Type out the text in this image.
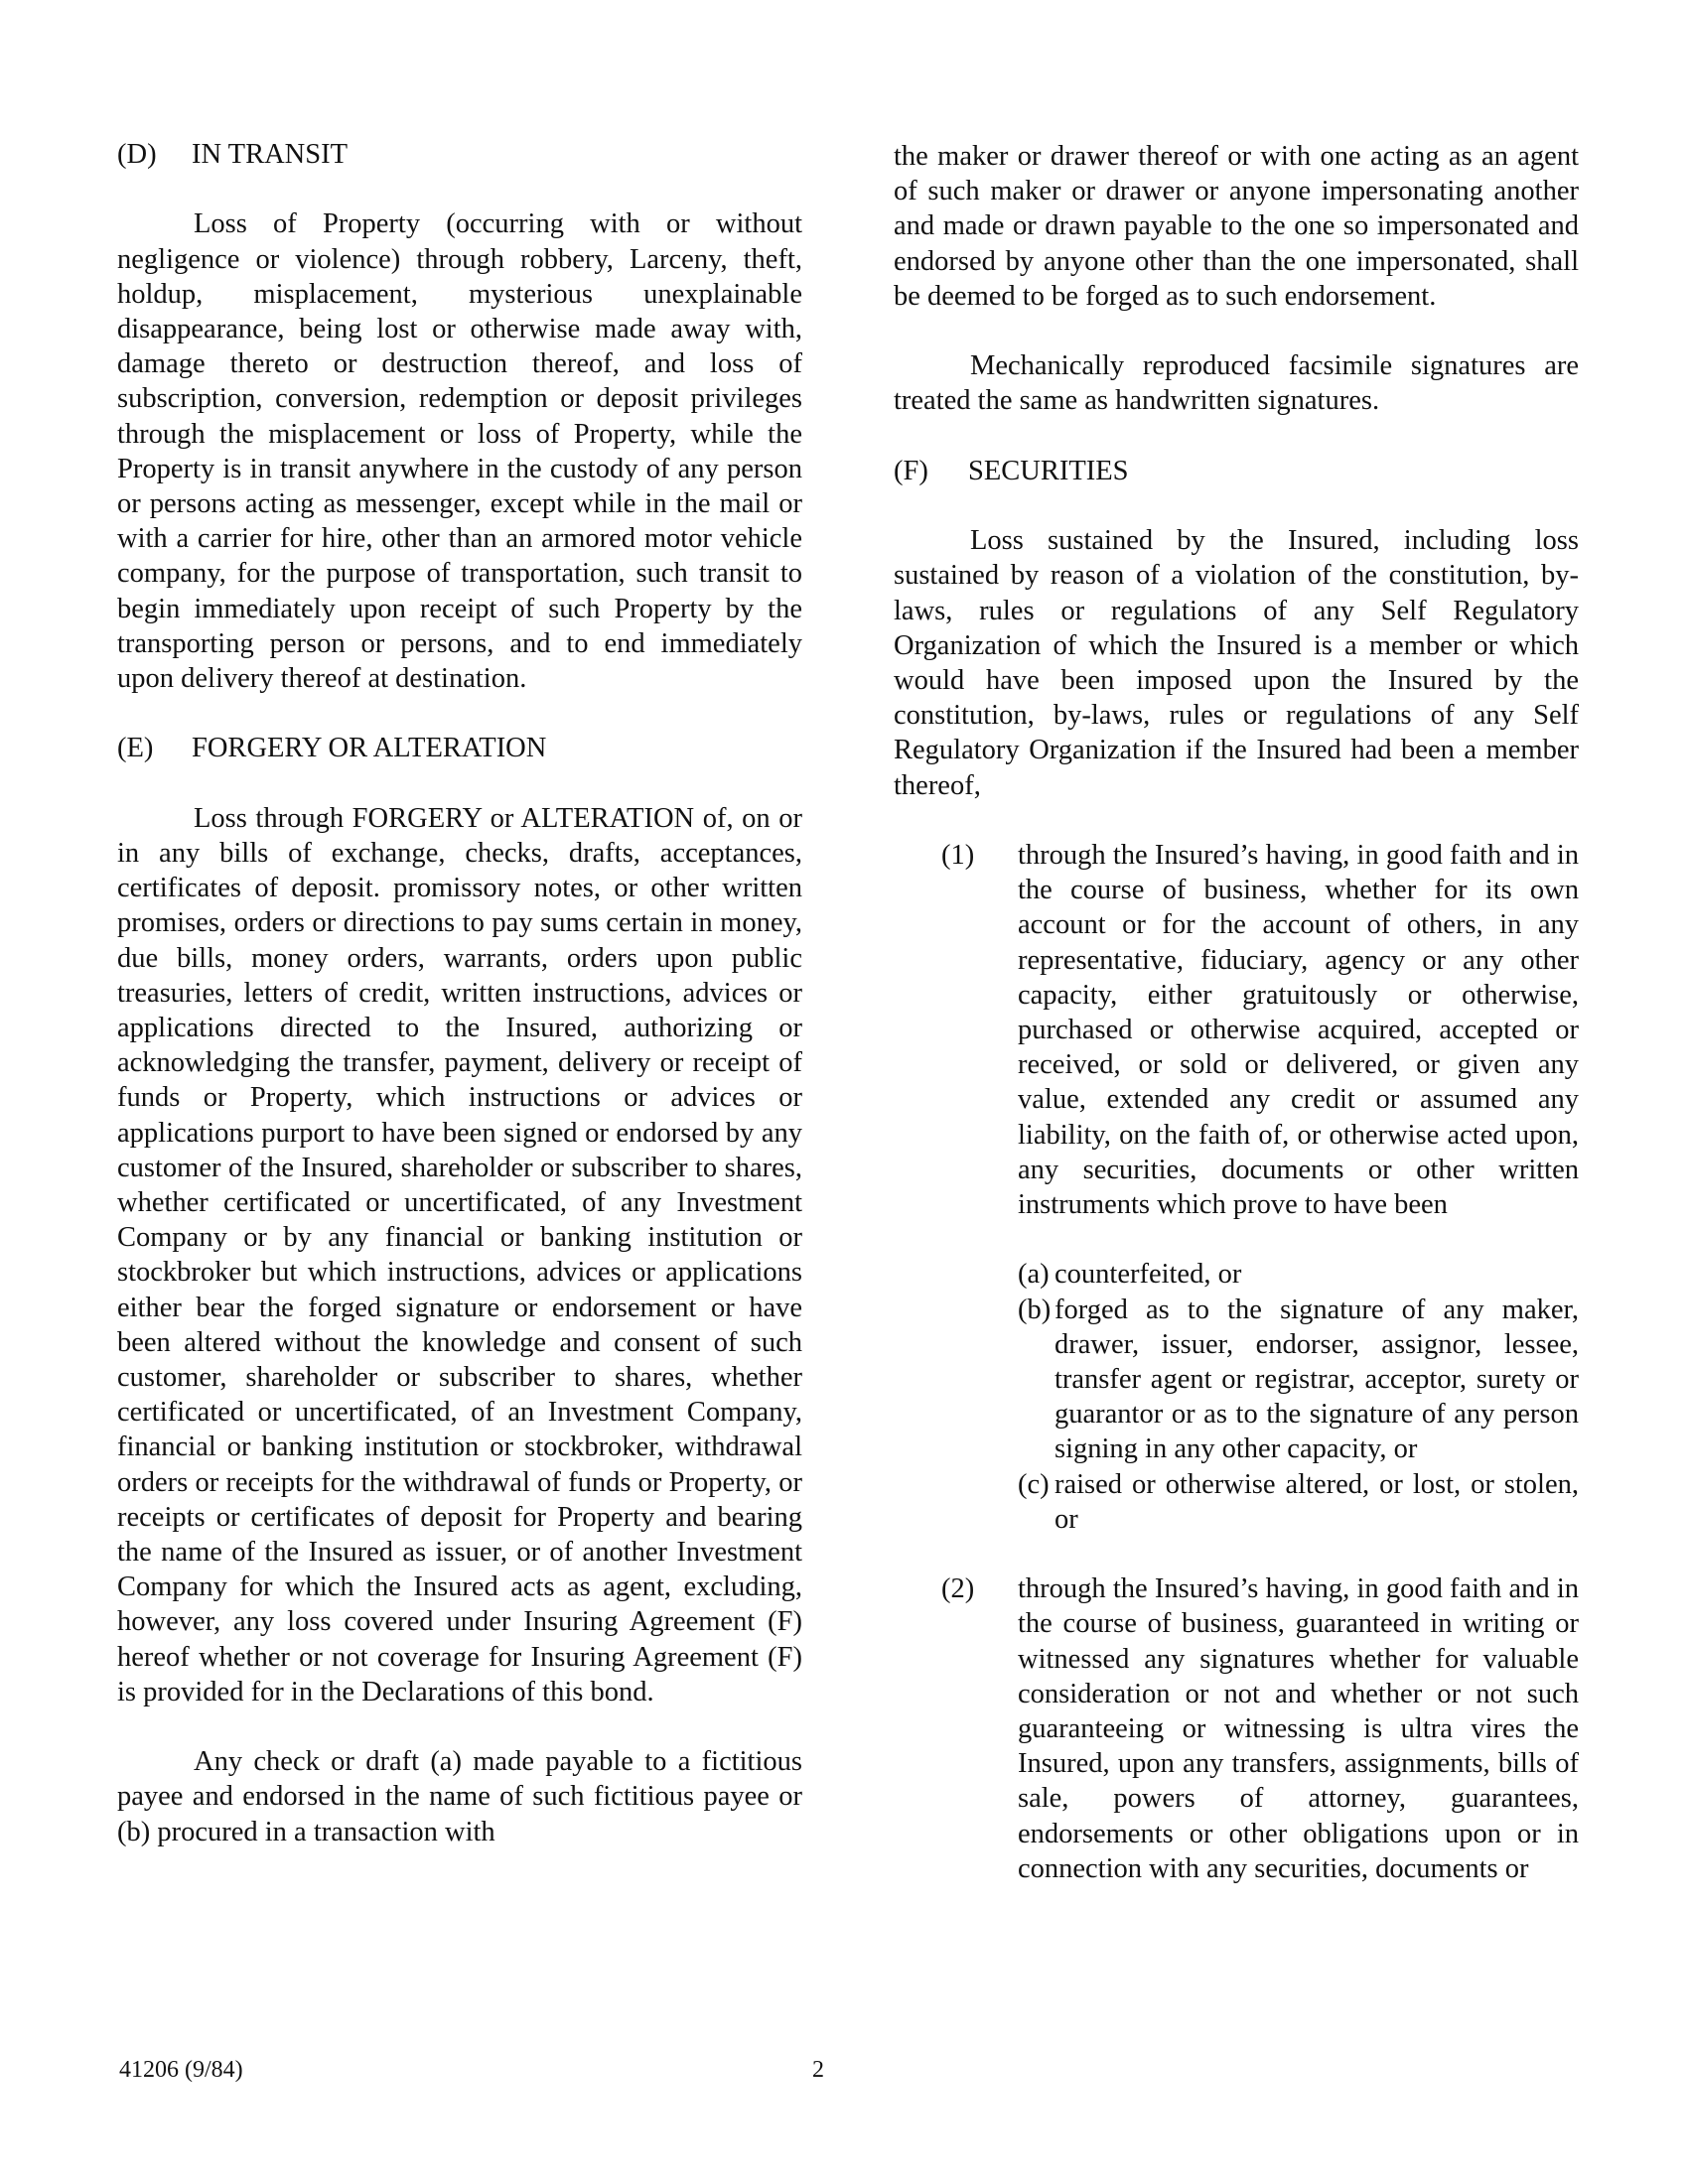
(D)	IN TRANSIT

Loss of Property (occurring with or without negligence or violence) through robbery, Larceny, theft, holdup, misplacement, mysterious unexplainable disappearance, being lost or otherwise made away with, damage thereto or destruction thereof, and loss of subscription, conversion, redemption or deposit privileges through the misplacement or loss of Property, while the Property is in transit anywhere in the custody of any person or persons acting as messenger, except while in the mail or with a carrier for hire, other than an armored motor vehicle company, for the purpose of transportation, such transit to begin immediately upon receipt of such Property by the transporting person or persons, and to end immediately upon delivery thereof at destination.

(E)	FORGERY OR ALTERATION

Loss through FORGERY or ALTERATION of, on or in any bills of exchange, checks, drafts, acceptances, certificates of deposit. promissory notes, or other written promises, orders or directions to pay sums certain in money, due bills, money orders, warrants, orders upon public treasuries, letters of credit, written instructions, advices or applications directed to the Insured, authorizing or acknowledging the transfer, payment, delivery or receipt of funds or Property, which instructions or advices or applications purport to have been signed or endorsed by any customer of the Insured, shareholder or subscriber to shares, whether certificated or uncertificated, of any Investment Company or by any financial or banking institution or stockbroker but which instructions, advices or applications either bear the forged signature or endorsement or have been altered without the knowledge and consent of such customer, shareholder or subscriber to shares, whether certificated or uncertificated, of an Investment Company, financial or banking institution or stockbroker, withdrawal orders or receipts for the withdrawal of funds or Property, or receipts or certificates of deposit for Property and bearing the name of the Insured as issuer, or of another Investment Company for which the Insured acts as agent, excluding, however, any loss covered under Insuring Agreement (F) hereof whether or not coverage for Insuring Agreement (F) is provided for in the Declarations of this bond.

Any check or draft (a) made payable to a fictitious payee and endorsed in the name of such fictitious payee or (b) procured in a transaction with

the maker or drawer thereof or with one acting as an agent of such maker or drawer or anyone impersonating another and made or drawn payable to the one so impersonated and endorsed by anyone other than the one impersonated, shall be deemed to be forged as to such endorsement.

Mechanically reproduced facsimile signatures are treated the same as handwritten signatures.

(F)	SECURITIES

Loss sustained by the Insured, including loss sustained by reason of a violation of the constitution, by-laws, rules or regulations of any Self Regulatory Organization of which the Insured is a member or which would have been imposed upon the Insured by the constitution, by-laws, rules or regulations of any Self Regulatory Organization if the Insured had been a member thereof,

(1)	through the Insured’s having, in good faith and in the course of business, whether for its own account or for the account of others, in any representative, fiduciary, agency or any other capacity, either gratuitously or otherwise, purchased or otherwise acquired, accepted or received, or sold or delivered, or given any value, extended any credit or assumed any liability, on the faith of, or otherwise acted upon, any securities, documents or other written instruments which prove to have been
(a) counterfeited, or
(b) forged as to the signature of any maker, drawer, issuer, endorser, assignor, lessee, transfer agent or registrar, acceptor, surety or guarantor or as to the signature of any person signing in any other capacity, or
(c) raised or otherwise altered, or lost, or stolen, or
(2)	through the Insured’s having, in good faith and in the course of business, guaranteed in writing or witnessed any signatures whether for valuable consideration or not and whether or not such guaranteeing or witnessing is ultra vires the Insured, upon any transfers, assignments, bills of sale, powers of attorney, guarantees, endorsements or other obligations upon or in connection with any securities, documents or
41206 (9/84)	2
